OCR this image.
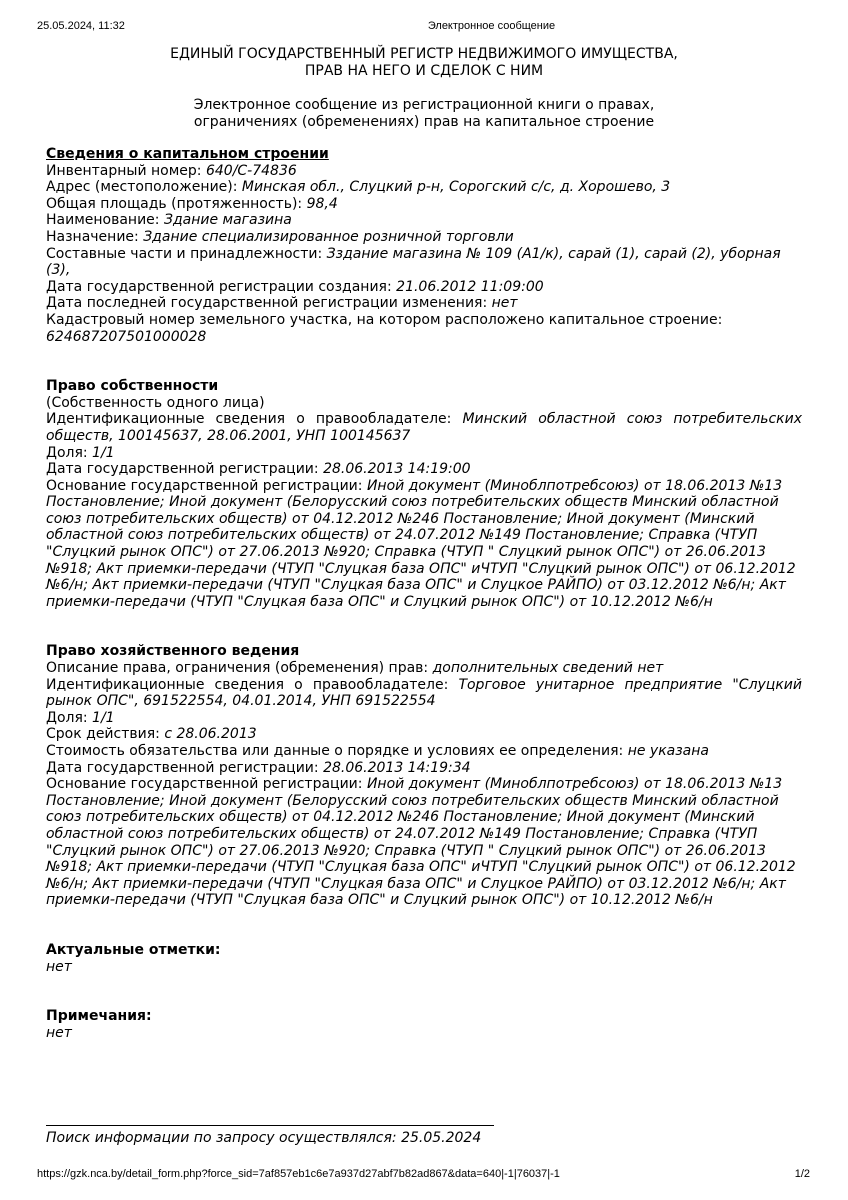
25.05.2024, 11:32	Электронное сообщение
ЕДИНЫЙ ГОСУДАРСТВЕННЫЙ РЕГИСТР НЕДВИЖИМОГО ИМУЩЕСТВА,
ПРАВ НА НЕГО И СДЕЛОК С НИМ
Электронное сообщение из регистрационной книги о правах,
ограничениях (обременениях) прав на капитальное строение
Сведения о капитальном строении
Инвентарный номер: 640/С-74836
Адрес (местоположение): Минская обл., Слуцкий р-н, Сорогский с/с, д. Хорошево, 3
Общая площадь (протяженность): 98,4
Наименование: Здание магазина
Назначение: Здание специализированное розничной торговли
Составные части и принадлежности: Ззданиe магазина № 109 (А1/к), сарай (1), сарай (2), уборная (3),
Дата государственной регистрации создания: 21.06.2012 11:09:00
Дата последней государственной регистрации изменения: нет
Кадастровый номер земельного участка, на котором расположено капитальное строение:
624687207501000028
Право собственности
(Собственность одного лица)
Идентификационные сведения о правообладателе: Минский областной союз потребительских обществ, 100145637, 28.06.2001, УНП 100145637
Доля: 1/1
Дата государственной регистрации: 28.06.2013 14:19:00
Основание государственной регистрации: Иной документ (Миноблпотребсоюз) от 18.06.2013 №13 Постановление; Иной документ (Белорусский союз потребительских обществ Минский областной союз потребительских обществ) от 04.12.2012 №246 Постановление; Иной документ (Минский областной союз потребительских обществ) от 24.07.2012 №149 Постановление; Справка (ЧТУП "Слуцкий рынок ОПС") от 27.06.2013 №920; Справка (ЧТУП " Слуцкий рынок ОПС") от 26.06.2013 №918; Акт приемки-передачи (ЧТУП "Слуцкая база ОПС" иЧТУП "Слуцкий рынок ОПС") от 06.12.2012 №6/н; Акт приемки-передачи (ЧТУП "Слуцкая база ОПС" и Слуцкое РАЙПО) от 03.12.2012 №6/н; Акт приемки-передачи (ЧТУП "Слуцкая база ОПС" и Слуцкий рынок ОПС") от 10.12.2012 №6/н
Право хозяйственного ведения
Описание права, ограничения (обременения) прав: дополнительных сведений нет
Идентификационные сведения о правообладателе: Торговое унитарное предприятие "Слуцкий рынок ОПС", 691522554, 04.01.2014, УНП 691522554
Доля: 1/1
Срок действия: с 28.06.2013
Стоимость обязательства или данные о порядке и условиях ее определения: не указана
Дата государственной регистрации: 28.06.2013 14:19:34
Основание государственной регистрации: Иной документ (Миноблпотребсоюз) от 18.06.2013 №13 Постановление; Иной документ (Белорусский союз потребительских обществ Минский областной союз потребительских обществ) от 04.12.2012 №246 Постановление; Иной документ (Минский областной союз потребительских обществ) от 24.07.2012 №149 Постановление; Справка (ЧТУП "Слуцкий рынок ОПС") от 27.06.2013 №920; Справка (ЧТУП " Слуцкий рынок ОПС") от 26.06.2013 №918; Акт приемки-передачи (ЧТУП "Слуцкая база ОПС" иЧТУП "Слуцкий рынок ОПС") от 06.12.2012 №6/н; Акт приемки-передачи (ЧТУП "Слуцкая база ОПС" и Слуцкое РАЙПО) от 03.12.2012 №6/н; Акт приемки-передачи (ЧТУП "Слуцкая база ОПС" и Слуцкий рынок ОПС") от 10.12.2012 №6/н
Актуальные отметки:
нет
Примечания:
нет
Поиск информации по запросу осуществлялся: 25.05.2024
https://gzk.nca.by/detail_form.php?force_sid=7af857eb1c6e7a937d27abf7b82ad867&data=640|-1|76037|-1	1/2
